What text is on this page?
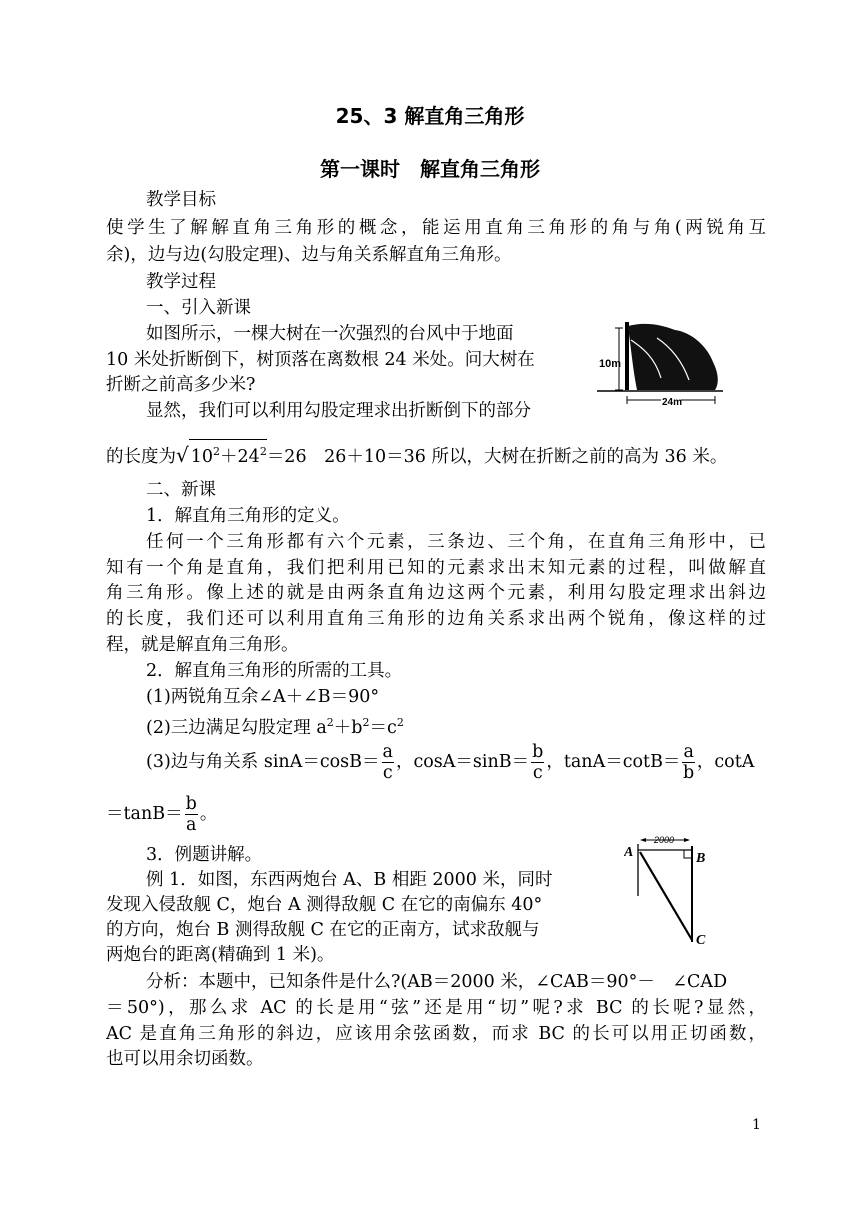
25、3 解直角三角形
第一课时　解直角三角形
教学目标
使学生了解解直角三角形的概念，能运用直角三角形的角与角(两锐角互
余)，边与边(勾股定理)、边与角关系解直角三角形。
教学过程
一、引入新课
如图所示，一棵大树在一次强烈的台风中于地面
10 米处折断倒下，树顶落在离数根 24 米处。问大树在
折断之前高多少米?
显然，我们可以利用勾股定理求出折断倒下的部分
10m
24m
的长度为√ $10^2+24^2=26$　26＋10＝36 所以，大树在折断之前的高为 36 米。
二、新课
1．解直角三角形的定义。
任何一个三角形都有六个元素，三条边、三个角，在直角三角形中，已
知有一个角是直角，我们把利用已知的元素求出末知元素的过程，叫做解直
角三角形。像上述的就是由两条直角边这两个元素，利用勾股定理求出斜边
的长度，我们还可以利用直角三角形的边角关系求出两个锐角，像这样的过
程，就是解直角三角形。
2．解直角三角形的所需的工具。
(1)两锐角互余∠A＋∠B＝90°
(2)三边满足勾股定理 $a^2+b^2=c^2$
(3)边与角关系 $\sin A=\cos B= \frac{a}{c}$ ，$\cos A=\sin B= \frac{b}{c}$ ，$\tan A=\cot B= \frac{a}{b}$ ，cotA
$=\tan B= \frac{b}{a}$ 。
3．例题讲解。
例 1．如图，东西两炮台 A、B 相距 2000 米，同时
发现入侵敌舰 C，炮台 A 测得敌舰 C 在它的南偏东 40°
的方向，炮台 B 测得敌舰 C 在它的正南方，试求敌舰与
两炮台的距离(精确到 1 米)。
2000
A	B
C
分析：本题中，已知条件是什么?(AB＝2000 米，∠CAB＝90°－　∠CAD
＝50°)，那么求 AC 的长是用“弦”还是用“切”呢?求 BC 的长呢?显然，
AC 是直角三角形的斜边，应该用余弦函数，而求 BC 的长可以用正切函数，
也可以用余切函数。
1
